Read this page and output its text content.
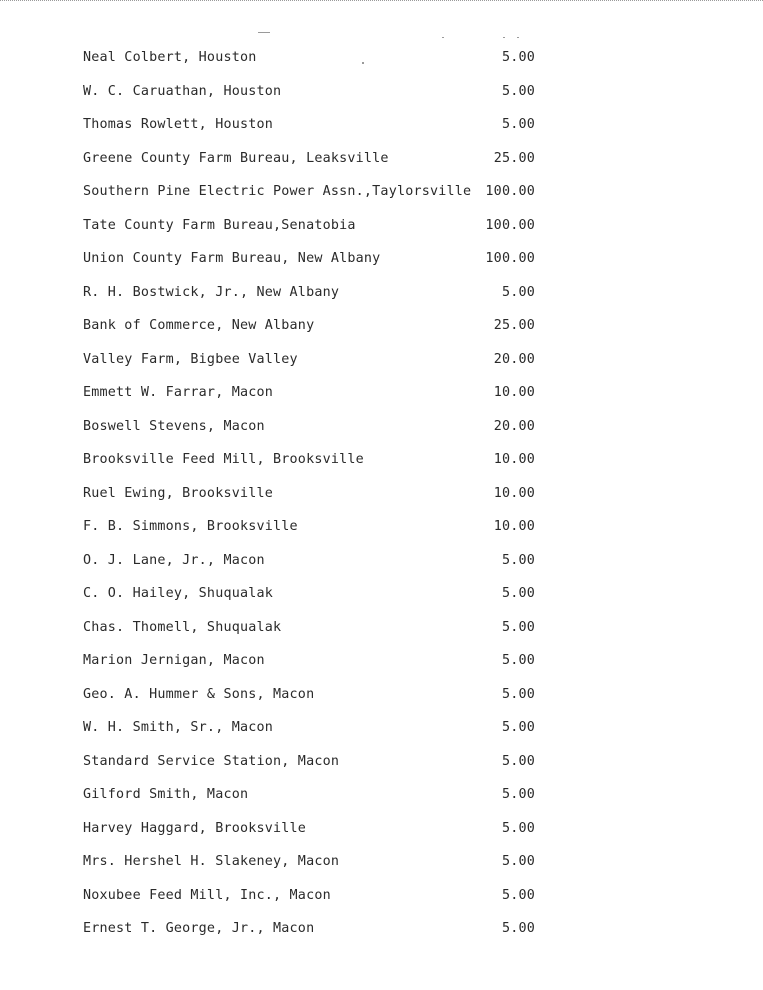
Neal Colbert, Houston	5.00
W. C. Caruathan, Houston	5.00
Thomas Rowlett, Houston	5.00
Greene County Farm Bureau, Leaksville	25.00
Southern Pine Electric Power Assn.,Taylorsville 100.00
Tate County Farm Bureau,Senatobia	100.00
Union County Farm Bureau, New Albany	100.00
R. H. Bostwick, Jr., New Albany	5.00
Bank of Commerce, New Albany	25.00
Valley Farm, Bigbee Valley	20.00
Emmett W. Farrar, Macon	10.00
Boswell Stevens, Macon	20.00
Brooksville Feed Mill, Brooksville	10.00
Ruel Ewing, Brooksville	10.00
F. B. Simmons, Brooksville	10.00
O. J. Lane, Jr., Macon	5.00
C. O. Hailey, Shuqualak	5.00
Chas. Thomell, Shuqualak	5.00
Marion Jernigan, Macon	5.00
Geo. A. Hummer & Sons, Macon	5.00
W. H. Smith, Sr., Macon	5.00
Standard Service Station, Macon	5.00
Gilford Smith, Macon	5.00
Harvey Haggard, Brooksville	5.00
Mrs. Hershel H. Slakeney, Macon	5.00
Noxubee Feed Mill, Inc., Macon	5.00
Ernest T. George, Jr., Macon	5.00
